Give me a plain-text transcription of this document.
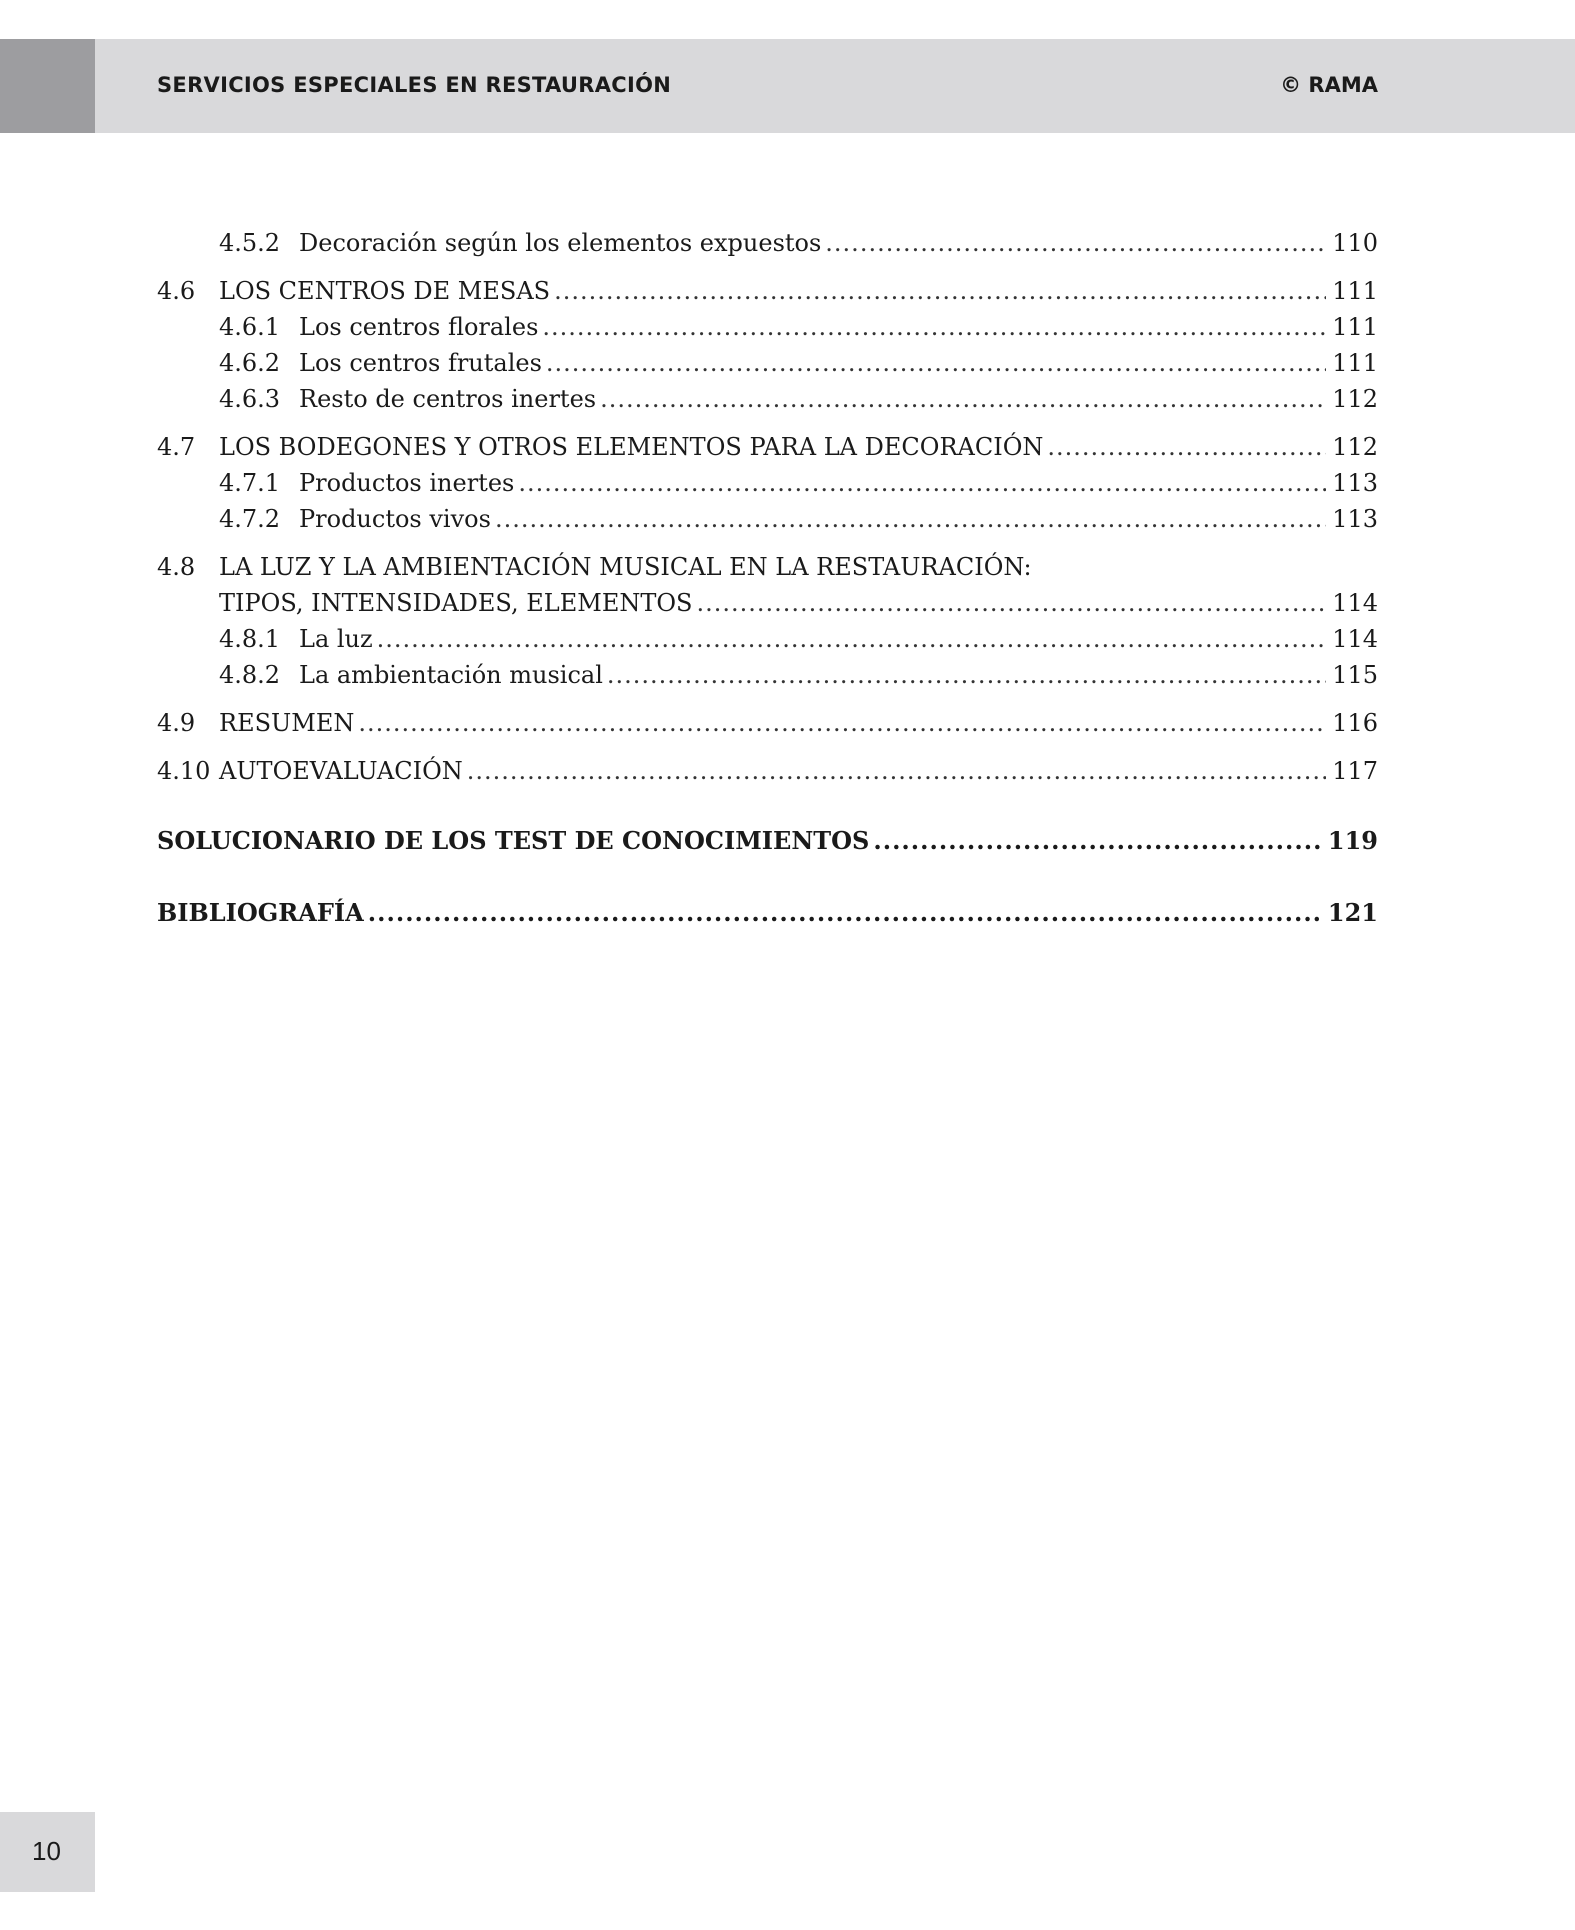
SERVICIOS ESPECIALES EN RESTAURACIÓN	© RAMA
4.5.2 Decoración según los elementos expuestos .....	110
4.6 LOS CENTROS DE MESAS .....	111
4.6.1 Los centros florales .....	111
4.6.2 Los centros frutales .....	111
4.6.3 Resto de centros inertes .....	112
4.7 LOS BODEGONES Y OTROS ELEMENTOS PARA LA DECORACIÓN .....	112
4.7.1 Productos inertes .....	113
4.7.2 Productos vivos .....	113
4.8 LA LUZ Y LA AMBIENTACIÓN MUSICAL EN LA RESTAURACIÓN:
TIPOS, INTENSIDADES, ELEMENTOS .....	114
4.8.1 La luz .....	114
4.8.2 La ambientación musical .....	115
4.9 RESUMEN .....	116
4.10 AUTOEVALUACIÓN .....	117
SOLUCIONARIO DE LOS TEST DE CONOCIMIENTOS .....	119
BIBLIOGRAFÍA .....	121
10
